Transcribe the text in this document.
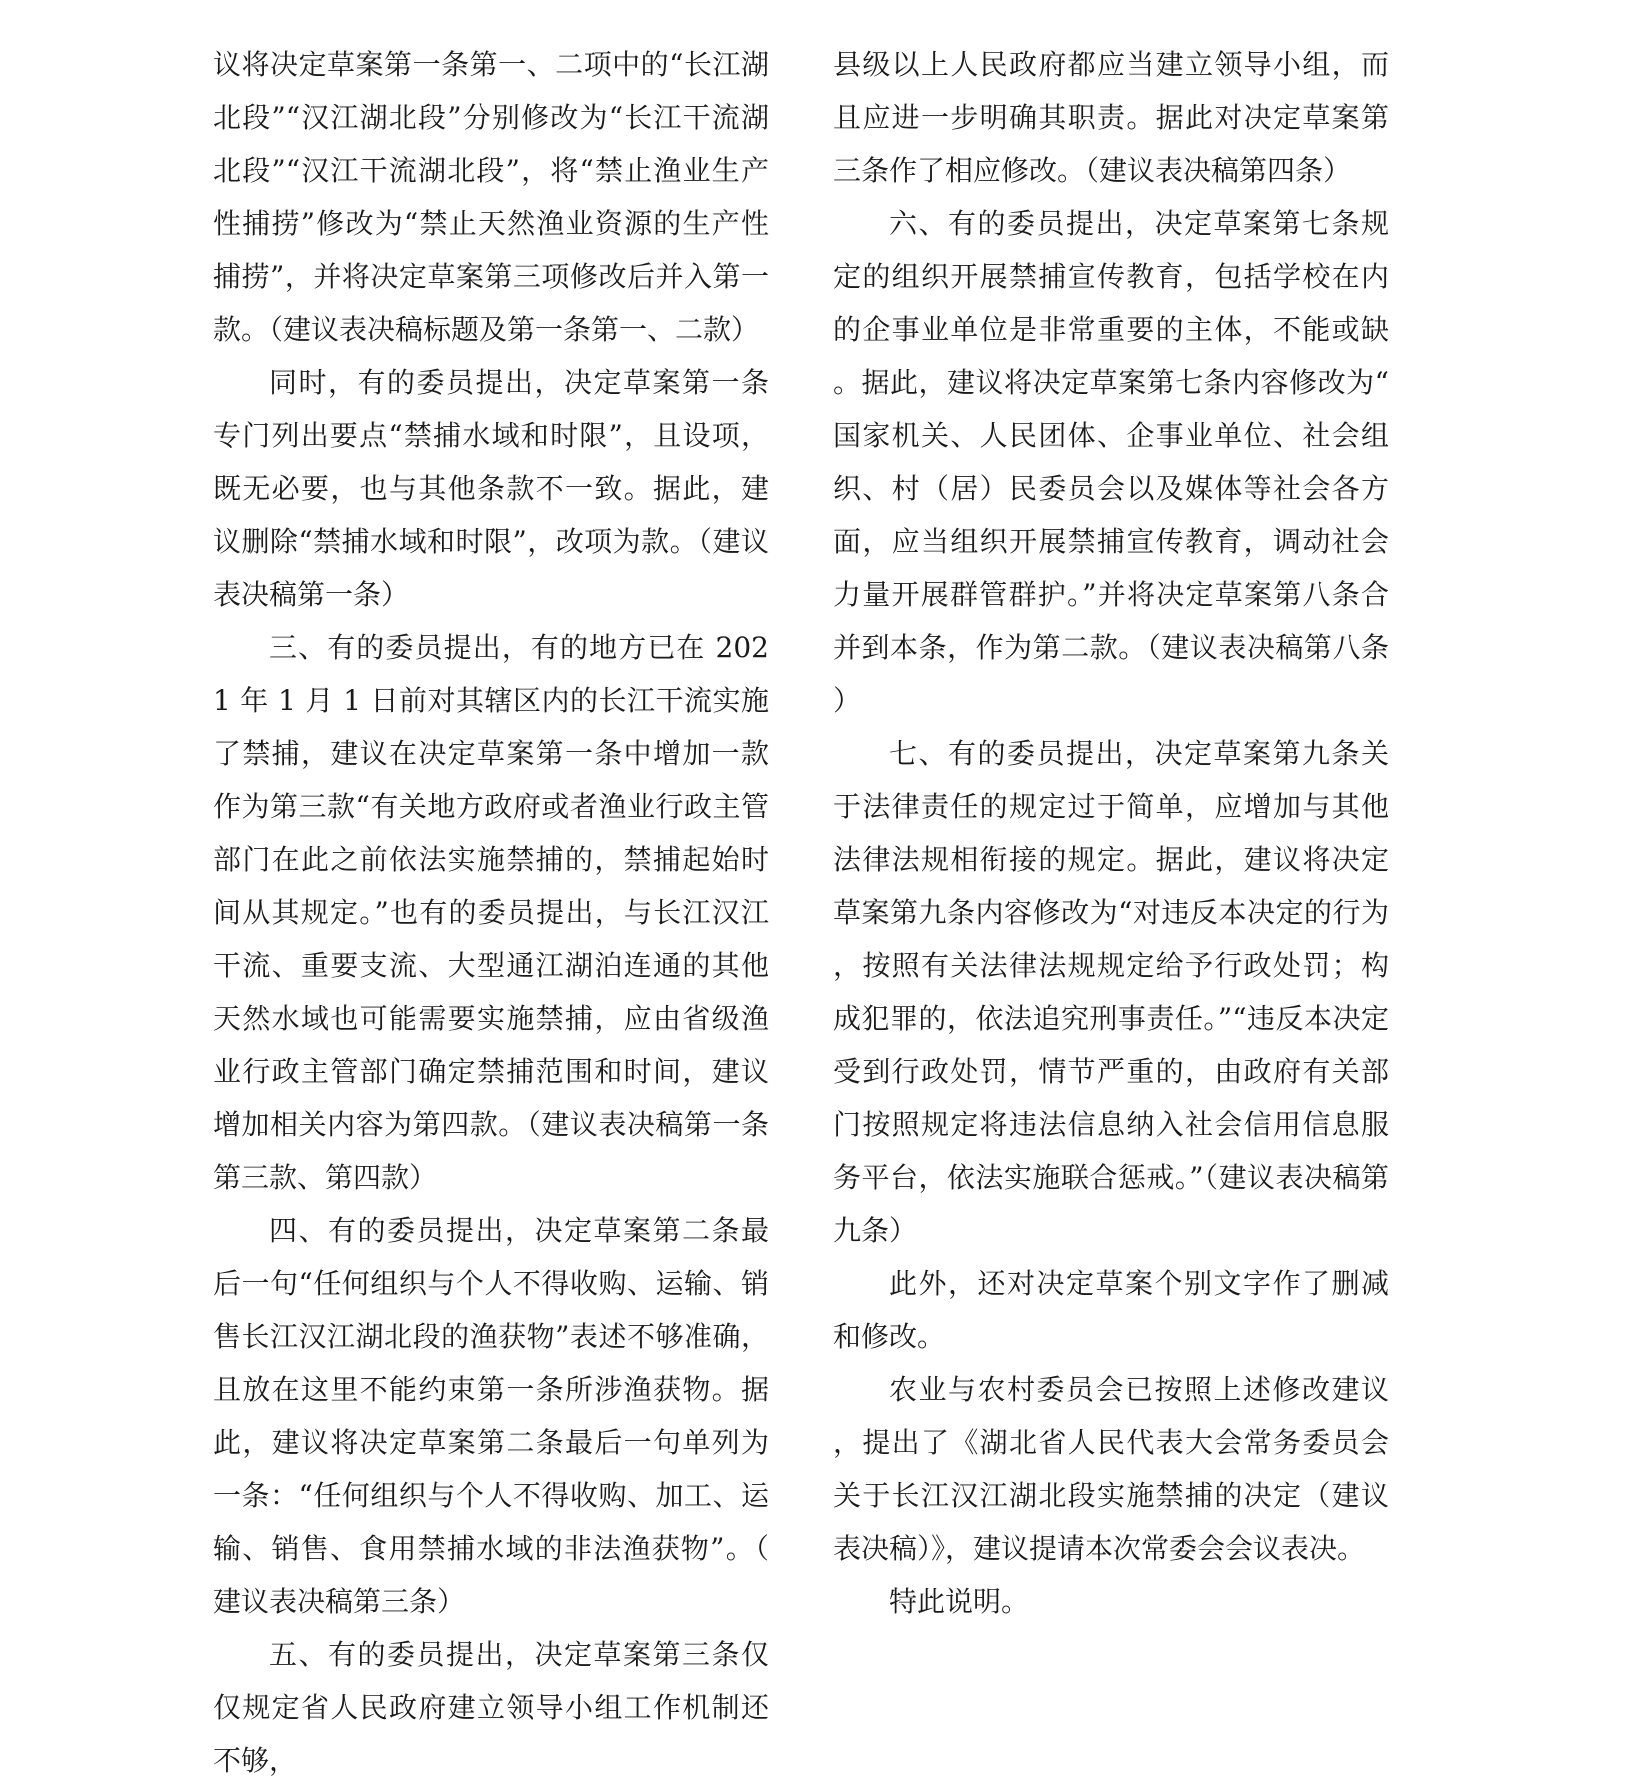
议将决定草案第一条第一、二项中的“长江湖北段”“汉江湖北段”分别修改为“长江干流湖北段”“汉江干流湖北段”，将“禁止渔业生产性捕捞”修改为“禁止天然渔业资源的生产性捕捞”，并将决定草案第三项修改后并入第一款。（建议表决稿标题及第一条第一、二款）

同时，有的委员提出，决定草案第一条专门列出要点“禁捕水域和时限”，且设项，既无必要，也与其他条款不一致。据此，建议删除“禁捕水域和时限”，改项为款。（建议表决稿第一条）

三、有的委员提出，有的地方已在 2021 年 1 月 1 日前对其辖区内的长江干流实施了禁捕，建议在决定草案第一条中增加一款作为第三款“有关地方政府或者渔业行政主管部门在此之前依法实施禁捕的，禁捕起始时间从其规定。”也有的委员提出，与长江汉江干流、重要支流、大型通江湖泊连通的其他天然水域也可能需要实施禁捕，应由省级渔业行政主管部门确定禁捕范围和时间，建议增加相关内容为第四款。（建议表决稿第一条第三款、第四款）

四、有的委员提出，决定草案第二条最后一句“任何组织与个人不得收购、运输、销售长江汉江湖北段的渔获物”表述不够准确，且放在这里不能约束第一条所涉渔获物。据此，建议将决定草案第二条最后一句单列为一条：“任何组织与个人不得收购、加工、运输、销售、食用禁捕水域的非法渔获物”。（建议表决稿第三条）

五、有的委员提出，决定草案第三条仅仅规定省人民政府建立领导小组工作机制还不够，

县级以上人民政府都应当建立领导小组，而且应进一步明确其职责。据此对决定草案第三条作了相应修改。（建议表决稿第四条）

六、有的委员提出，决定草案第七条规定的组织开展禁捕宣传教育，包括学校在内的企事业单位是非常重要的主体，不能或缺。据此，建议将决定草案第七条内容修改为“国家机关、人民团体、企事业单位、社会组织、村（居）民委员会以及媒体等社会各方面，应当组织开展禁捕宣传教育，调动社会力量开展群管群护。”并将决定草案第八条合并到本条，作为第二款。（建议表决稿第八条）

七、有的委员提出，决定草案第九条关于法律责任的规定过于简单，应增加与其他法律法规相衔接的规定。据此，建议将决定草案第九条内容修改为“对违反本决定的行为，按照有关法律法规规定给予行政处罚；构成犯罪的，依法追究刑事责任。”“违反本决定受到行政处罚，情节严重的，由政府有关部门按照规定将违法信息纳入社会信用信息服务平台，依法实施联合惩戒。”（建议表决稿第九条）

此外，还对决定草案个别文字作了删减和修改。

农业与农村委员会已按照上述修改建议，提出了《湖北省人民代表大会常务委员会关于长江汉江湖北段实施禁捕的决定（建议表决稿）》，建议提请本次常委会会议表决。

特此说明。
